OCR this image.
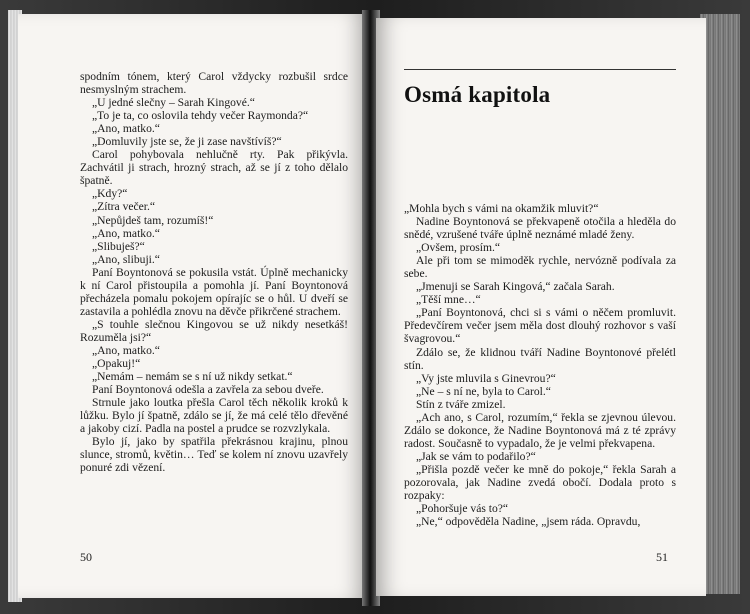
spodním tónem, který Carol vždycky rozbušil srdce nesmyslným strachem.

„U jedné slečny – Sarah Kingové.“

„To je ta, co oslovila tehdy večer Raymonda?“

„Ano, matko.“

„Domluvily jste se, že ji zase navštívíš?“

Carol pohybovala nehlučně rty. Pak přikývla. Zachvátil ji strach, hrozný strach, až se jí z toho dělalo špatně.

„Kdy?“

„Zítra večer.“

„Nepůjdeš tam, rozumíš!“

„Ano, matko.“

„Slibuješ?“

„Ano, slibuji.“

Paní Boyntonová se pokusila vstát. Úplně mechanicky k ní Carol přistoupila a pomohla jí. Paní Boyntonová přecházela pomalu pokojem opírajíc se o hůl. U dveří se zastavila a pohlédla znovu na děvče přikrčené strachem.

„S touhle slečnou Kingovou se už nikdy nesetkáš! Rozuměla jsi?“

„Ano, matko.“

„Opakuj!“

„Nemám – nemám se s ní už nikdy setkat.“

Paní Boyntonová odešla a zavřela za sebou dveře.

Strnule jako loutka přešla Carol těch několik kroků k lůžku. Bylo jí špatně, zdálo se jí, že má celé tělo dřevěné a jakoby cizí. Padla na postel a prudce se rozvzlykala.

Bylo jí, jako by spatřila překrásnou krajinu, plnou slunce, stromů, květin… Teď se kolem ní znovu uzavřely ponuré zdi vězení.

50
Osmá kapitola

„Mohla bych s vámi na okamžik mluvit?“

Nadine Boyntonová se překvapeně otočila a hleděla do snědé, vzrušené tváře úplně neznámé mladé ženy.

„Ovšem, prosím.“

Ale při tom se mimoděk rychle, nervózně podívala za sebe.

„Jmenuji se Sarah Kingová,“ začala Sarah.

„Těší mne…“

„Paní Boyntonová, chci si s vámi o něčem promluvit. Předevčírem večer jsem měla dost dlouhý rozhovor s vaší švagrovou.“

Zdálo se, že klidnou tváří Nadine Boyntonové přelétl stín.

„Vy jste mluvila s Ginevrou?“

„Ne – s ní ne, byla to Carol.“

Stín z tváře zmizel.

„Ach ano, s Carol, rozumím,“ řekla se zjevnou úlevou. Zdálo se dokonce, že Nadine Boyntonová má z té zprávy radost. Současně to vypadalo, že je velmi překvapena.

„Jak se vám to podařilo?“

„Přišla pozdě večer ke mně do pokoje,“ řekla Sarah a pozorovala, jak Nadine zvedá obočí. Dodala proto s rozpaky:

„Pohoršuje vás to?“

„Ne,“ odpověděla Nadine, „jsem ráda. Opravdu,

51
